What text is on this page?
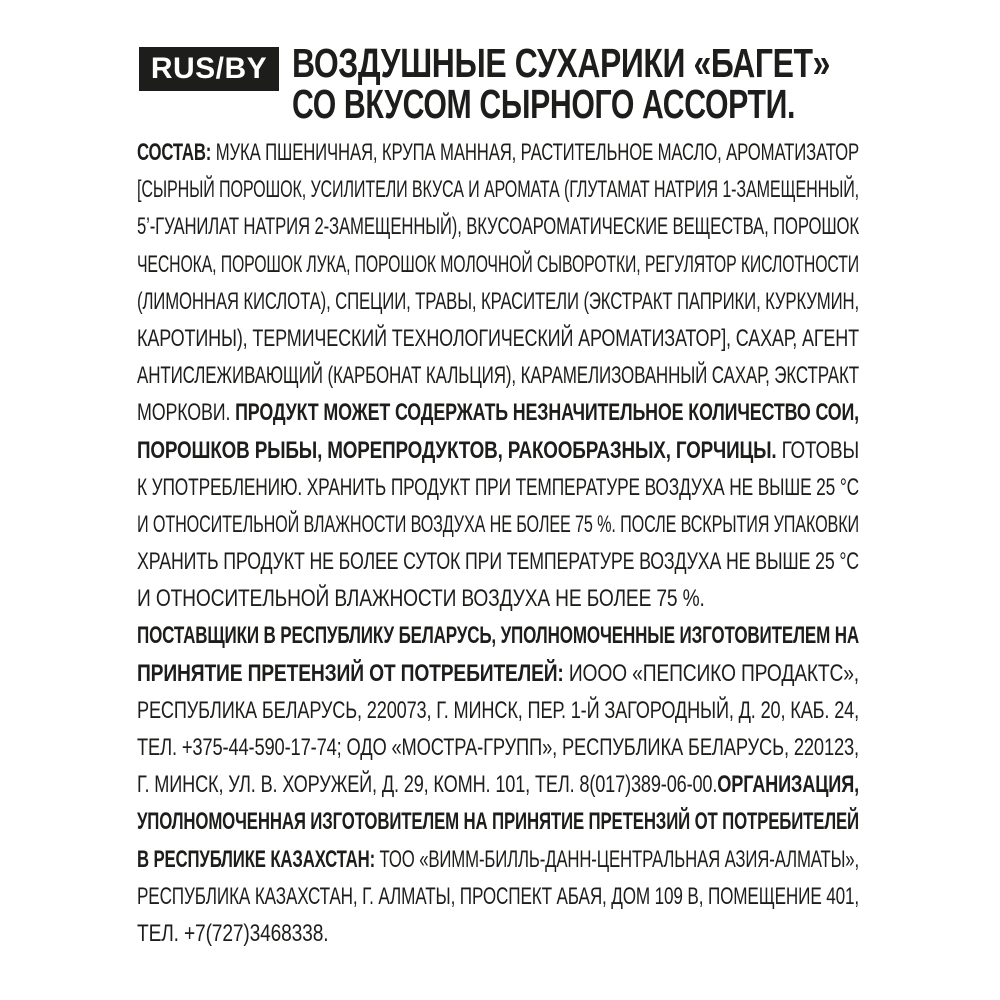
RUS/BY ВОЗДУШНЫЕ СУХАРИКИ «БАГЕТ»
СО ВКУСОМ СЫРНОГО АССОРТИ.
СОСТАВ: МУКА ПШЕНИЧНАЯ, КРУПА МАННАЯ, РАСТИТЕЛЬНОЕ МАСЛО, АРОМАТИЗАТОР
[СЫРНЫЙ ПОРОШОК, УСИЛИТЕЛИ ВКУСА И АРОМАТА (ГЛУТАМАТ НАТРИЯ 1-ЗАМЕЩЕННЫЙ,
5’-ГУАНИЛАТ НАТРИЯ 2-ЗАМЕЩЕННЫЙ), ВКУСОАРОМАТИЧЕСКИЕ ВЕЩЕСТВА, ПОРОШОК
ЧЕСНОКА, ПОРОШОК ЛУКА, ПОРОШОК МОЛОЧНОЙ СЫВОРОТКИ, РЕГУЛЯТОР КИСЛОТНОСТИ
(ЛИМОННАЯ КИСЛОТА), СПЕЦИИ, ТРАВЫ, КРАСИТЕЛИ (ЭКСТРАКТ ПАПРИКИ, КУРКУМИН,
КАРОТИНЫ), ТЕРМИЧЕСКИЙ ТЕХНОЛОГИЧЕСКИЙ АРОМАТИЗАТОР], САХАР, АГЕНТ
АНТИСЛЕЖИВАЮЩИЙ (КАРБОНАТ КАЛЬЦИЯ), КАРАМЕЛИЗОВАННЫЙ САХАР, ЭКСТРАКТ
МОРКОВИ. ПРОДУКТ МОЖЕТ СОДЕРЖАТЬ НЕЗНАЧИТЕЛЬНОЕ КОЛИЧЕСТВО СОИ,
ПОРОШКОВ РЫБЫ, МОРЕПРОДУКТОВ, РАКООБРАЗНЫХ, ГОРЧИЦЫ. ГОТОВЫ
К УПОТРЕБЛЕНИЮ. ХРАНИТЬ ПРОДУКТ ПРИ ТЕМПЕРАТУРЕ ВОЗДУХА НЕ ВЫШЕ 25 °С
И ОТНОСИТЕЛЬНОЙ ВЛАЖНОСТИ ВОЗДУХА НЕ БОЛЕЕ 75 %. ПОСЛЕ ВСКРЫТИЯ УПАКОВКИ
ХРАНИТЬ ПРОДУКТ НЕ БОЛЕЕ СУТОК ПРИ ТЕМПЕРАТУРЕ ВОЗДУХА НЕ ВЫШЕ 25 °С
И ОТНОСИТЕЛЬНОЙ ВЛАЖНОСТИ ВОЗДУХА НЕ БОЛЕЕ 75 %.
ПОСТАВЩИКИ В РЕСПУБЛИКУ БЕЛАРУСЬ, УПОЛНОМОЧЕННЫЕ ИЗГОТОВИТЕЛЕМ НА
ПРИНЯТИЕ ПРЕТЕНЗИЙ ОТ ПОТРЕБИТЕЛЕЙ: ИООО «ПЕПСИКО ПРОДАКТС»,
РЕСПУБЛИКА БЕЛАРУСЬ, 220073, Г. МИНСК, ПЕР. 1-Й ЗАГОРОДНЫЙ, Д. 20, КАБ. 24,
ТЕЛ. +375-44-590-17-74; ОДО «МОСТРА-ГРУПП», РЕСПУБЛИКА БЕЛАРУСЬ, 220123,
Г. МИНСК, УЛ. В. ХОРУЖЕЙ, Д. 29, КОМН. 101, ТЕЛ. 8(017)389-06-00.ОРГАНИЗАЦИЯ,
УПОЛНОМОЧЕННАЯ ИЗГОТОВИТЕЛЕМ НА ПРИНЯТИЕ ПРЕТЕНЗИЙ ОТ ПОТРЕБИТЕЛЕЙ
В РЕСПУБЛИКЕ КАЗАХСТАН: ТОО «ВИММ-БИЛЛЬ-ДАНН-ЦЕНТРАЛЬНАЯ АЗИЯ-АЛМАТЫ»,
РЕСПУБЛИКА КАЗАХСТАН, Г. АЛМАТЫ, ПРОСПЕКТ АБАЯ, ДОМ 109 В, ПОМЕЩЕНИЕ 401,
ТЕЛ. +7(727)3468338.
